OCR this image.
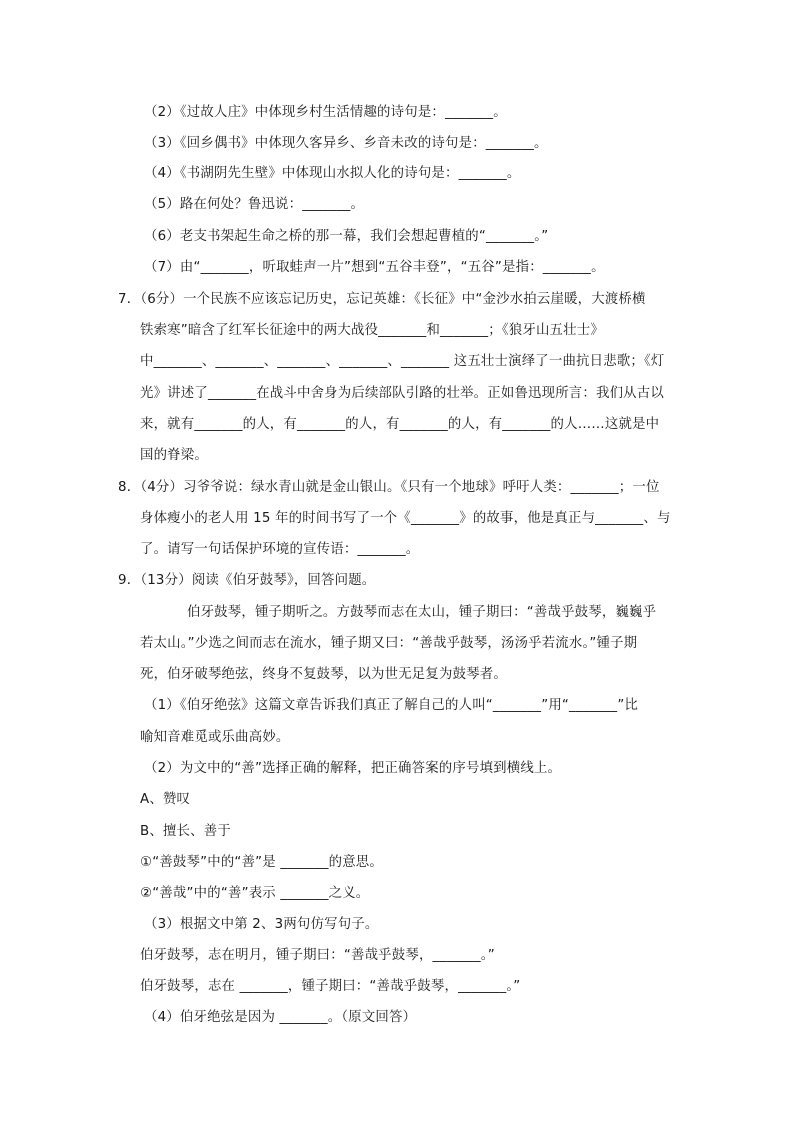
（2）《过故人庄》中体现乡村生活情趣的诗句是：_______。
（3）《回乡偶书》中体现久客异乡、乡音未改的诗句是：_______。
（4）《书湖阴先生壁》中体现山水拟人化的诗句是：_______。
（5）路在何处？鲁迅说：_______。
（6）老支书架起生命之桥的那一幕，我们会想起曹植的“_______。”
（7）由“_______，听取蛙声一片”想到“五谷丰登”，“五谷”是指：_______。
7．（6分）一个民族不应该忘记历史，忘记英雄：《长征》中“金沙水拍云崖暖，大渡桥横
铁索寒”暗含了红军长征途中的两大战役_______和_______；《狼牙山五壮士》
中_______、_______、_______、_______、_______ 这五壮士演绎了一曲抗日悲歌；《灯
光》讲述了_______在战斗中舍身为后续部队引路的壮举。正如鲁迅现所言：我们从古以
来，就有_______的人，有_______的人，有_______的人，有_______的人……这就是中
国的脊梁。
8．（4分）习爷爷说：绿水青山就是金山银山。《只有一个地球》呼吁人类：_______；一位
身体瘦小的老人用 15 年的时间书写了一个《_______》的故事，他是真正与_______、与
了。请写一句话保护环境的宣传语：_______。
9．（13分）阅读《伯牙鼓琴》，回答问题。
伯牙鼓琴，锺子期听之。方鼓琴而志在太山，锺子期曰：“善哉乎鼓琴，巍巍乎
若太山。”少选之间而志在流水，锺子期又曰：“善哉乎鼓琴，汤汤乎若流水。”锺子期
死，伯牙破琴绝弦，终身不复鼓琴，以为世无足复为鼓琴者。
（1）《伯牙绝弦》这篇文章告诉我们真正了解自己的人叫“_______”用“_______”比
喻知音难觅或乐曲高妙。
（2）为文中的“善”选择正确的解释，把正确答案的序号填到横线上。
A、赞叹
B、擅长、善于
①“善鼓琴”中的“善”是 _______的意思。
②“善哉”中的“善”表示 _______之义。
（3）根据文中第 2、3两句仿写句子。
伯牙鼓琴，志在明月，锺子期曰：“善哉乎鼓琴，_______。”
伯牙鼓琴，志在 _______，锺子期曰：“善哉乎鼓琴，_______。”
（4）伯牙绝弦是因为 _______。（原文回答）
